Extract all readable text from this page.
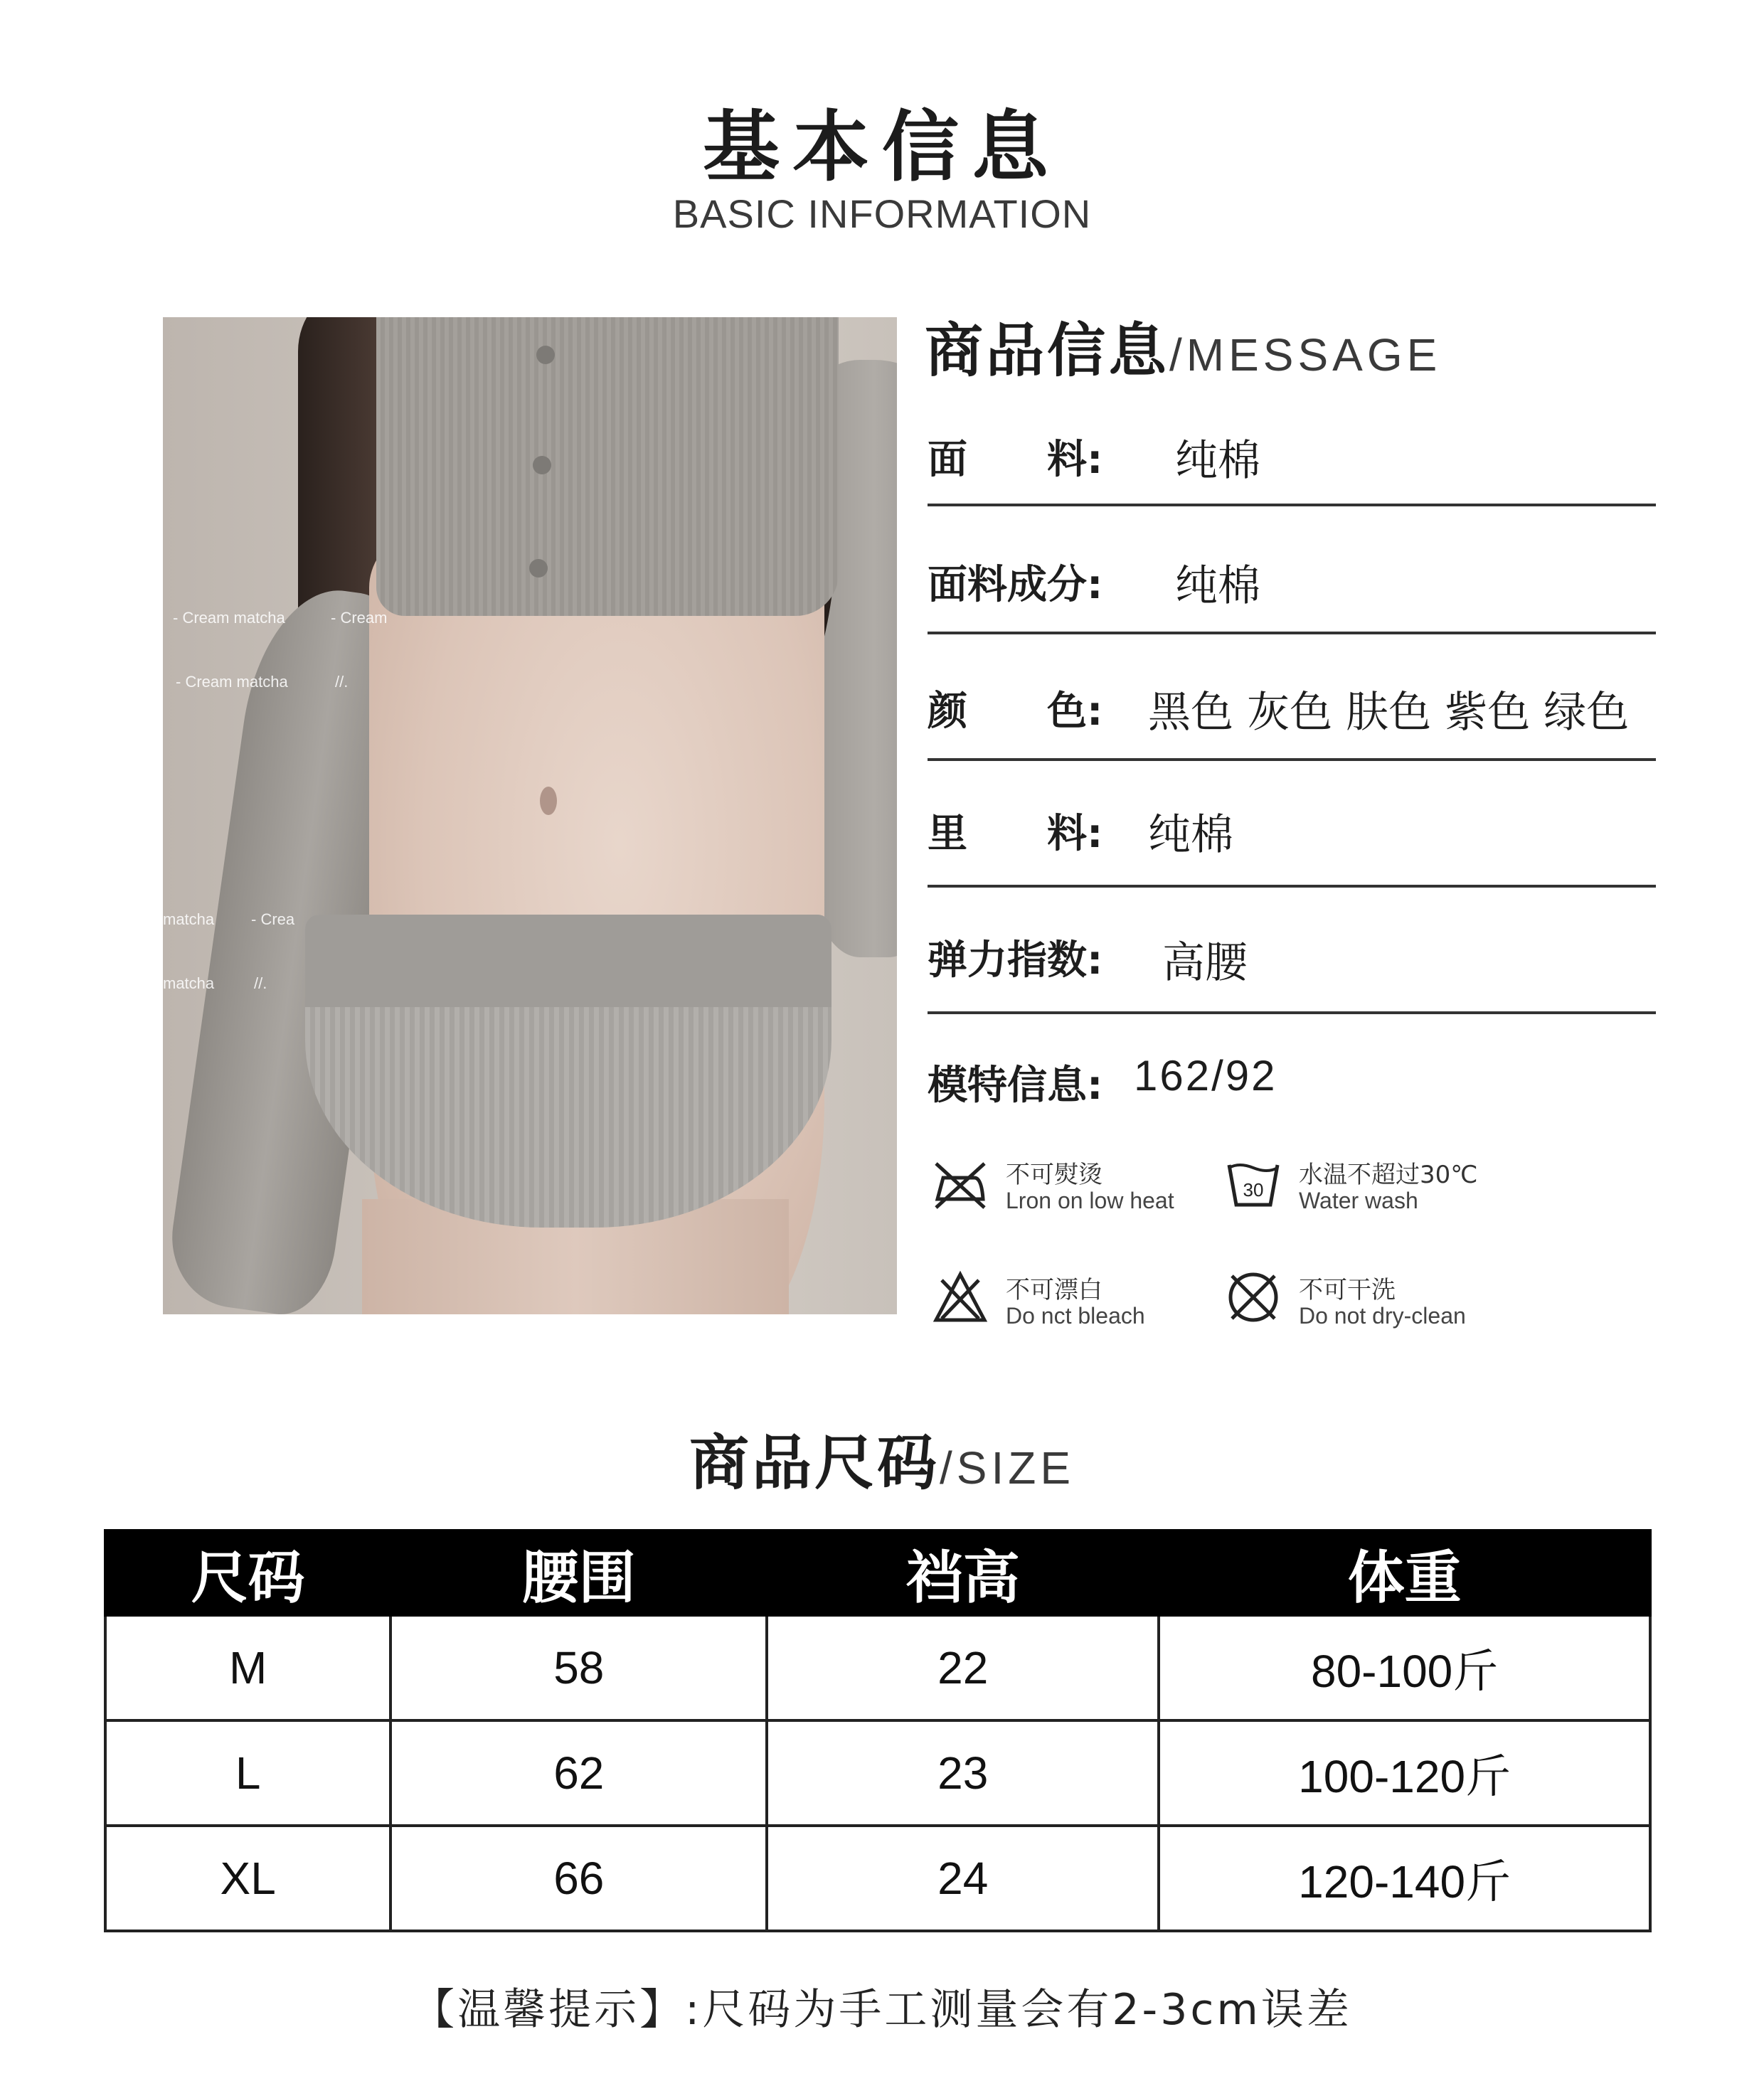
基本信息
BASIC INFORMATION
- Cream matcha	- Cream
- Cream matcha	//.
matcha - Crea
matcha	//.
商品信息/MESSAGE
面　　料: 纯棉
面料成分: 纯棉
颜　　色: 黑色 灰色 肤色 紫色 绿色
里　　料: 纯棉
弹力指数: 高腰
模特信息: 162/92
不可熨烫
Lron on low heat	30
水温不超过30℃
Water wash
不可漂白
Do nct bleach
不可干洗
Do not dry-clean
商品尺码/SIZE
尺码	腰围	裆高	体重
M	58	22	80-100斤
L	62	23	100-120斤
XL	66	24	120-140斤
【温馨提示】:尺码为手工测量会有2-3cm误差
